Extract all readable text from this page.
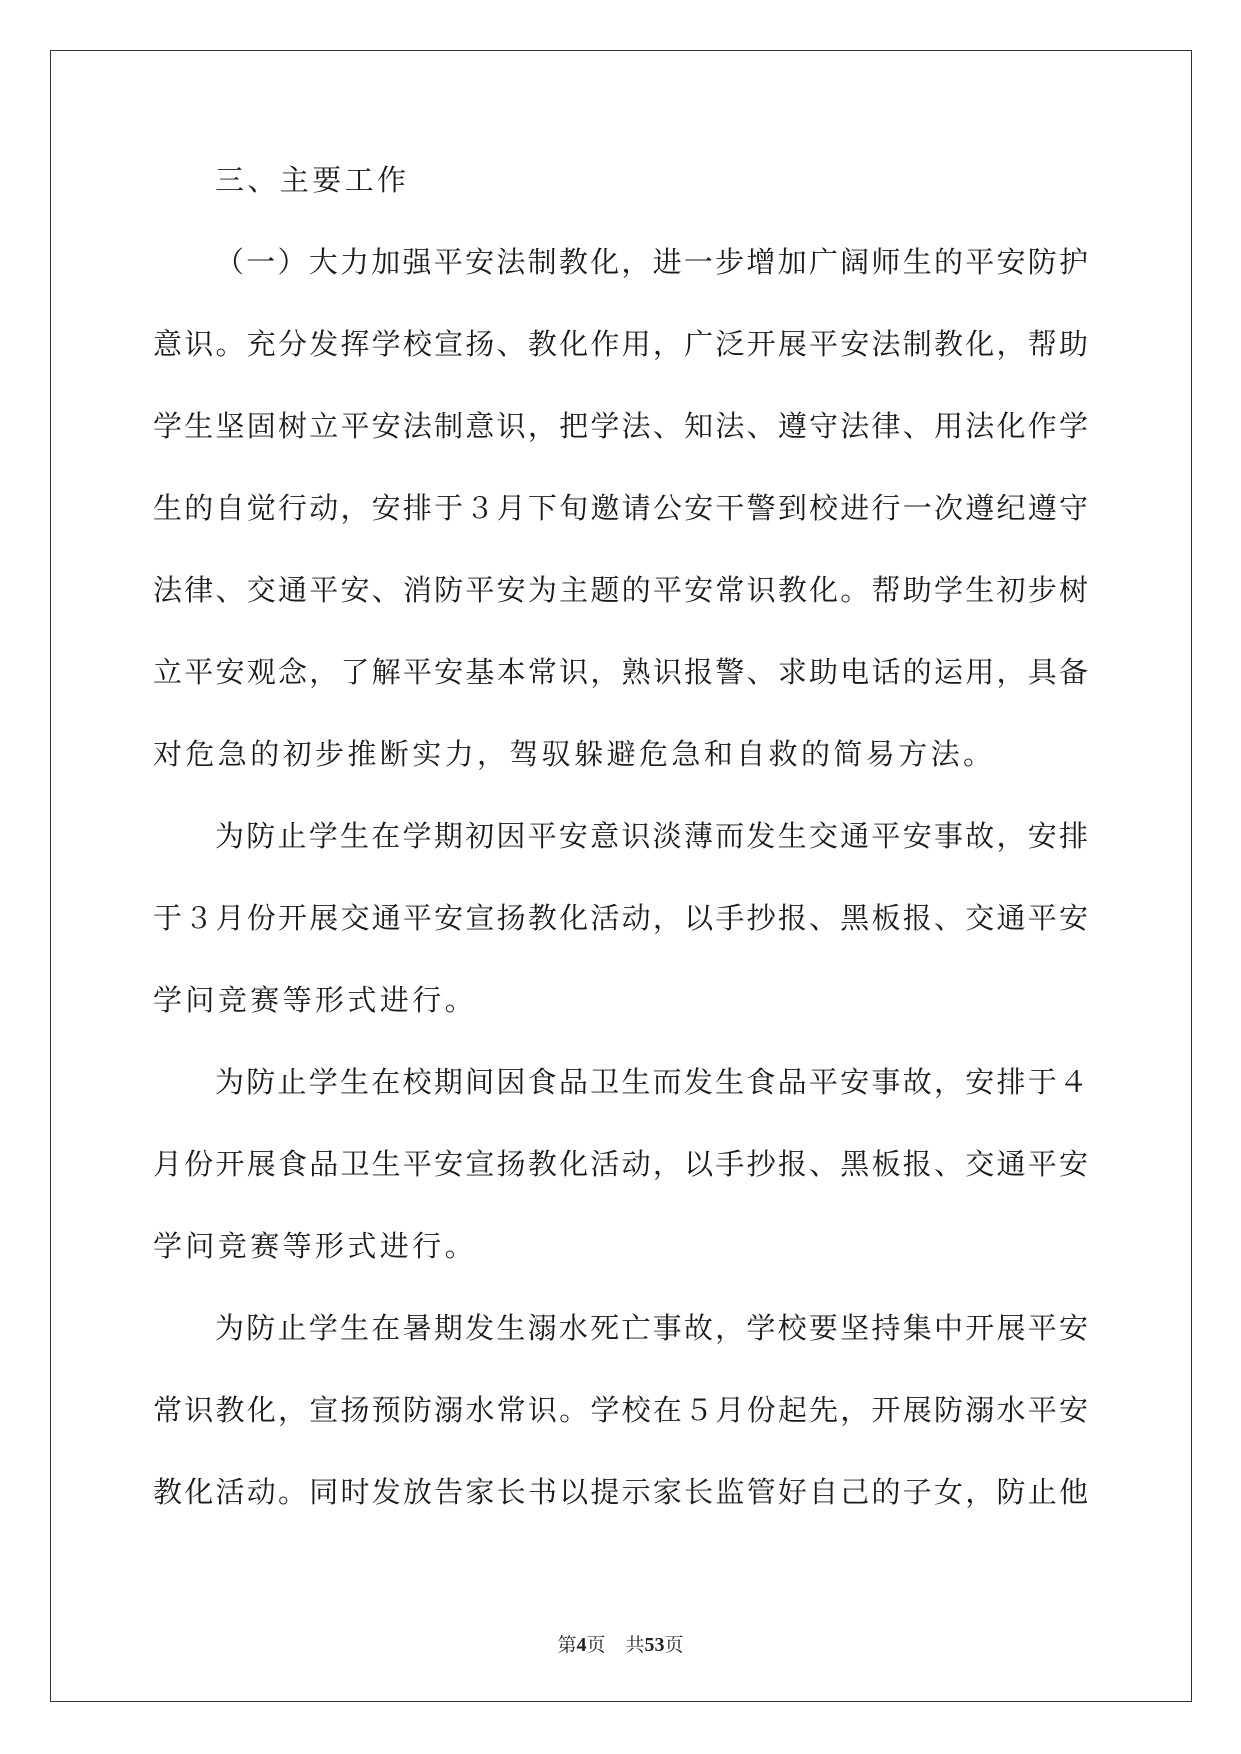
三、主要工作
（一）大力加强平安法制教化，进一步增加广阔师生的平安防护
意识。充分发挥学校宣扬、教化作用，广泛开展平安法制教化，帮助
学生坚固树立平安法制意识，把学法、知法、遵守法律、用法化作学
生的自觉行动，安排于３月下旬邀请公安干警到校进行一次遵纪遵守
法律、交通平安、消防平安为主题的平安常识教化。帮助学生初步树
立平安观念，了解平安基本常识，熟识报警、求助电话的运用，具备
对危急的初步推断实力，驾驭躲避危急和自救的简易方法。
为防止学生在学期初因平安意识淡薄而发生交通平安事故，安排
于３月份开展交通平安宣扬教化活动，以手抄报、黑板报、交通平安
学问竞赛等形式进行。
为防止学生在校期间因食品卫生而发生食品平安事故，安排于４
月份开展食品卫生平安宣扬教化活动，以手抄报、黑板报、交通平安
学问竞赛等形式进行。
为防止学生在暑期发生溺水死亡事故，学校要坚持集中开展平安
常识教化，宣扬预防溺水常识。学校在５月份起先，开展防溺水平安
教化活动。同时发放告家长书以提示家长监管好自己的子女，防止他
第4页 共53页
